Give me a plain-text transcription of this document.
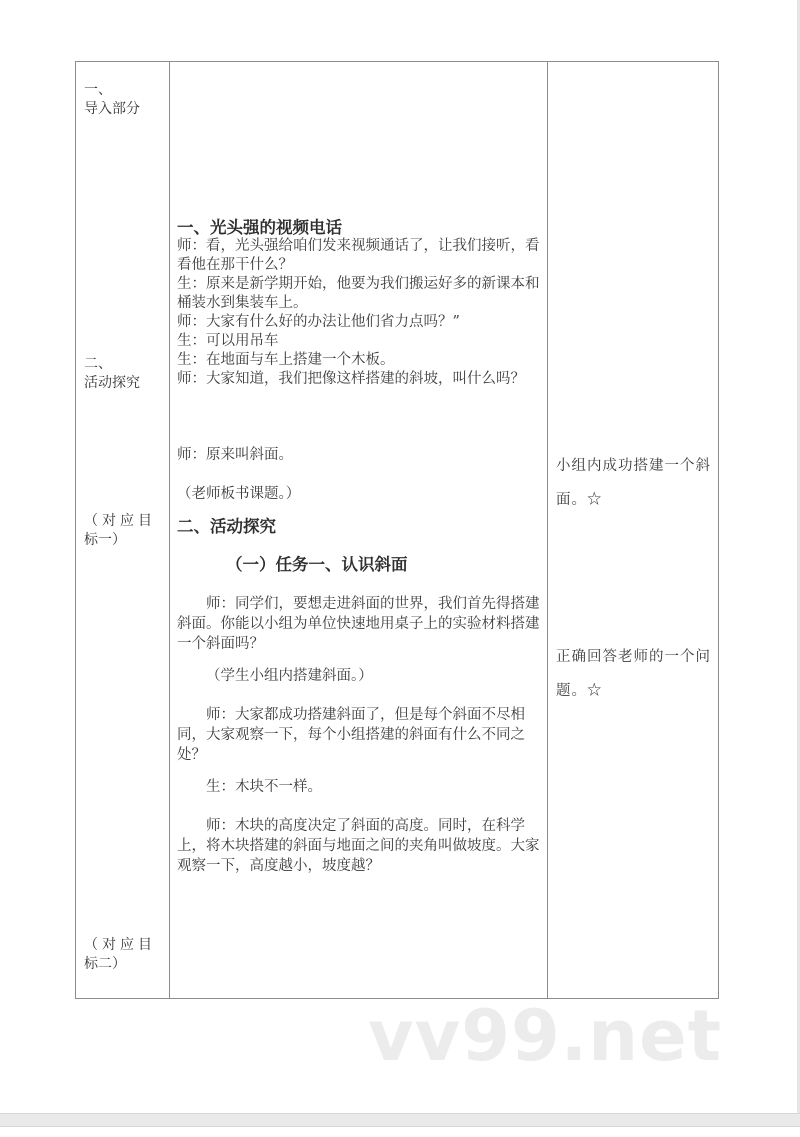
一、
导入部分
二、
活动探究
（对应目
标一）
（对应目
标二）
一、光头强的视频电话
师：看，光头强给咱们发来视频通话了，让我们接听，看看他在那干什么？
生：原来是新学期开始，他要为我们搬运好多的新课本和桶装水到集装车上。
师：大家有什么好的办法让他们省力点吗？”
生：可以用吊车
生：在地面与车上搭建一个木板。
师：大家知道，我们把像这样搭建的斜坡，叫什么吗？
师：原来叫斜面。
（老师板书课题。）
二、活动探究
（一）任务一、认识斜面
师：同学们，要想走进斜面的世界，我们首先得搭建斜面。你能以小组为单位快速地用桌子上的实验材料搭建一个斜面吗？
（学生小组内搭建斜面。）
师：大家都成功搭建斜面了，但是每个斜面不尽相同，大家观察一下，每个小组搭建的斜面有什么不同之处？
生：木块不一样。
师：木块的高度决定了斜面的高度。同时，在科学上，将木块搭建的斜面与地面之间的夹角叫做坡度。大家观察一下，高度越小，坡度越？
小组内成功搭建一个斜面。☆
正确回答老师的一个问题。☆
vv99.net
